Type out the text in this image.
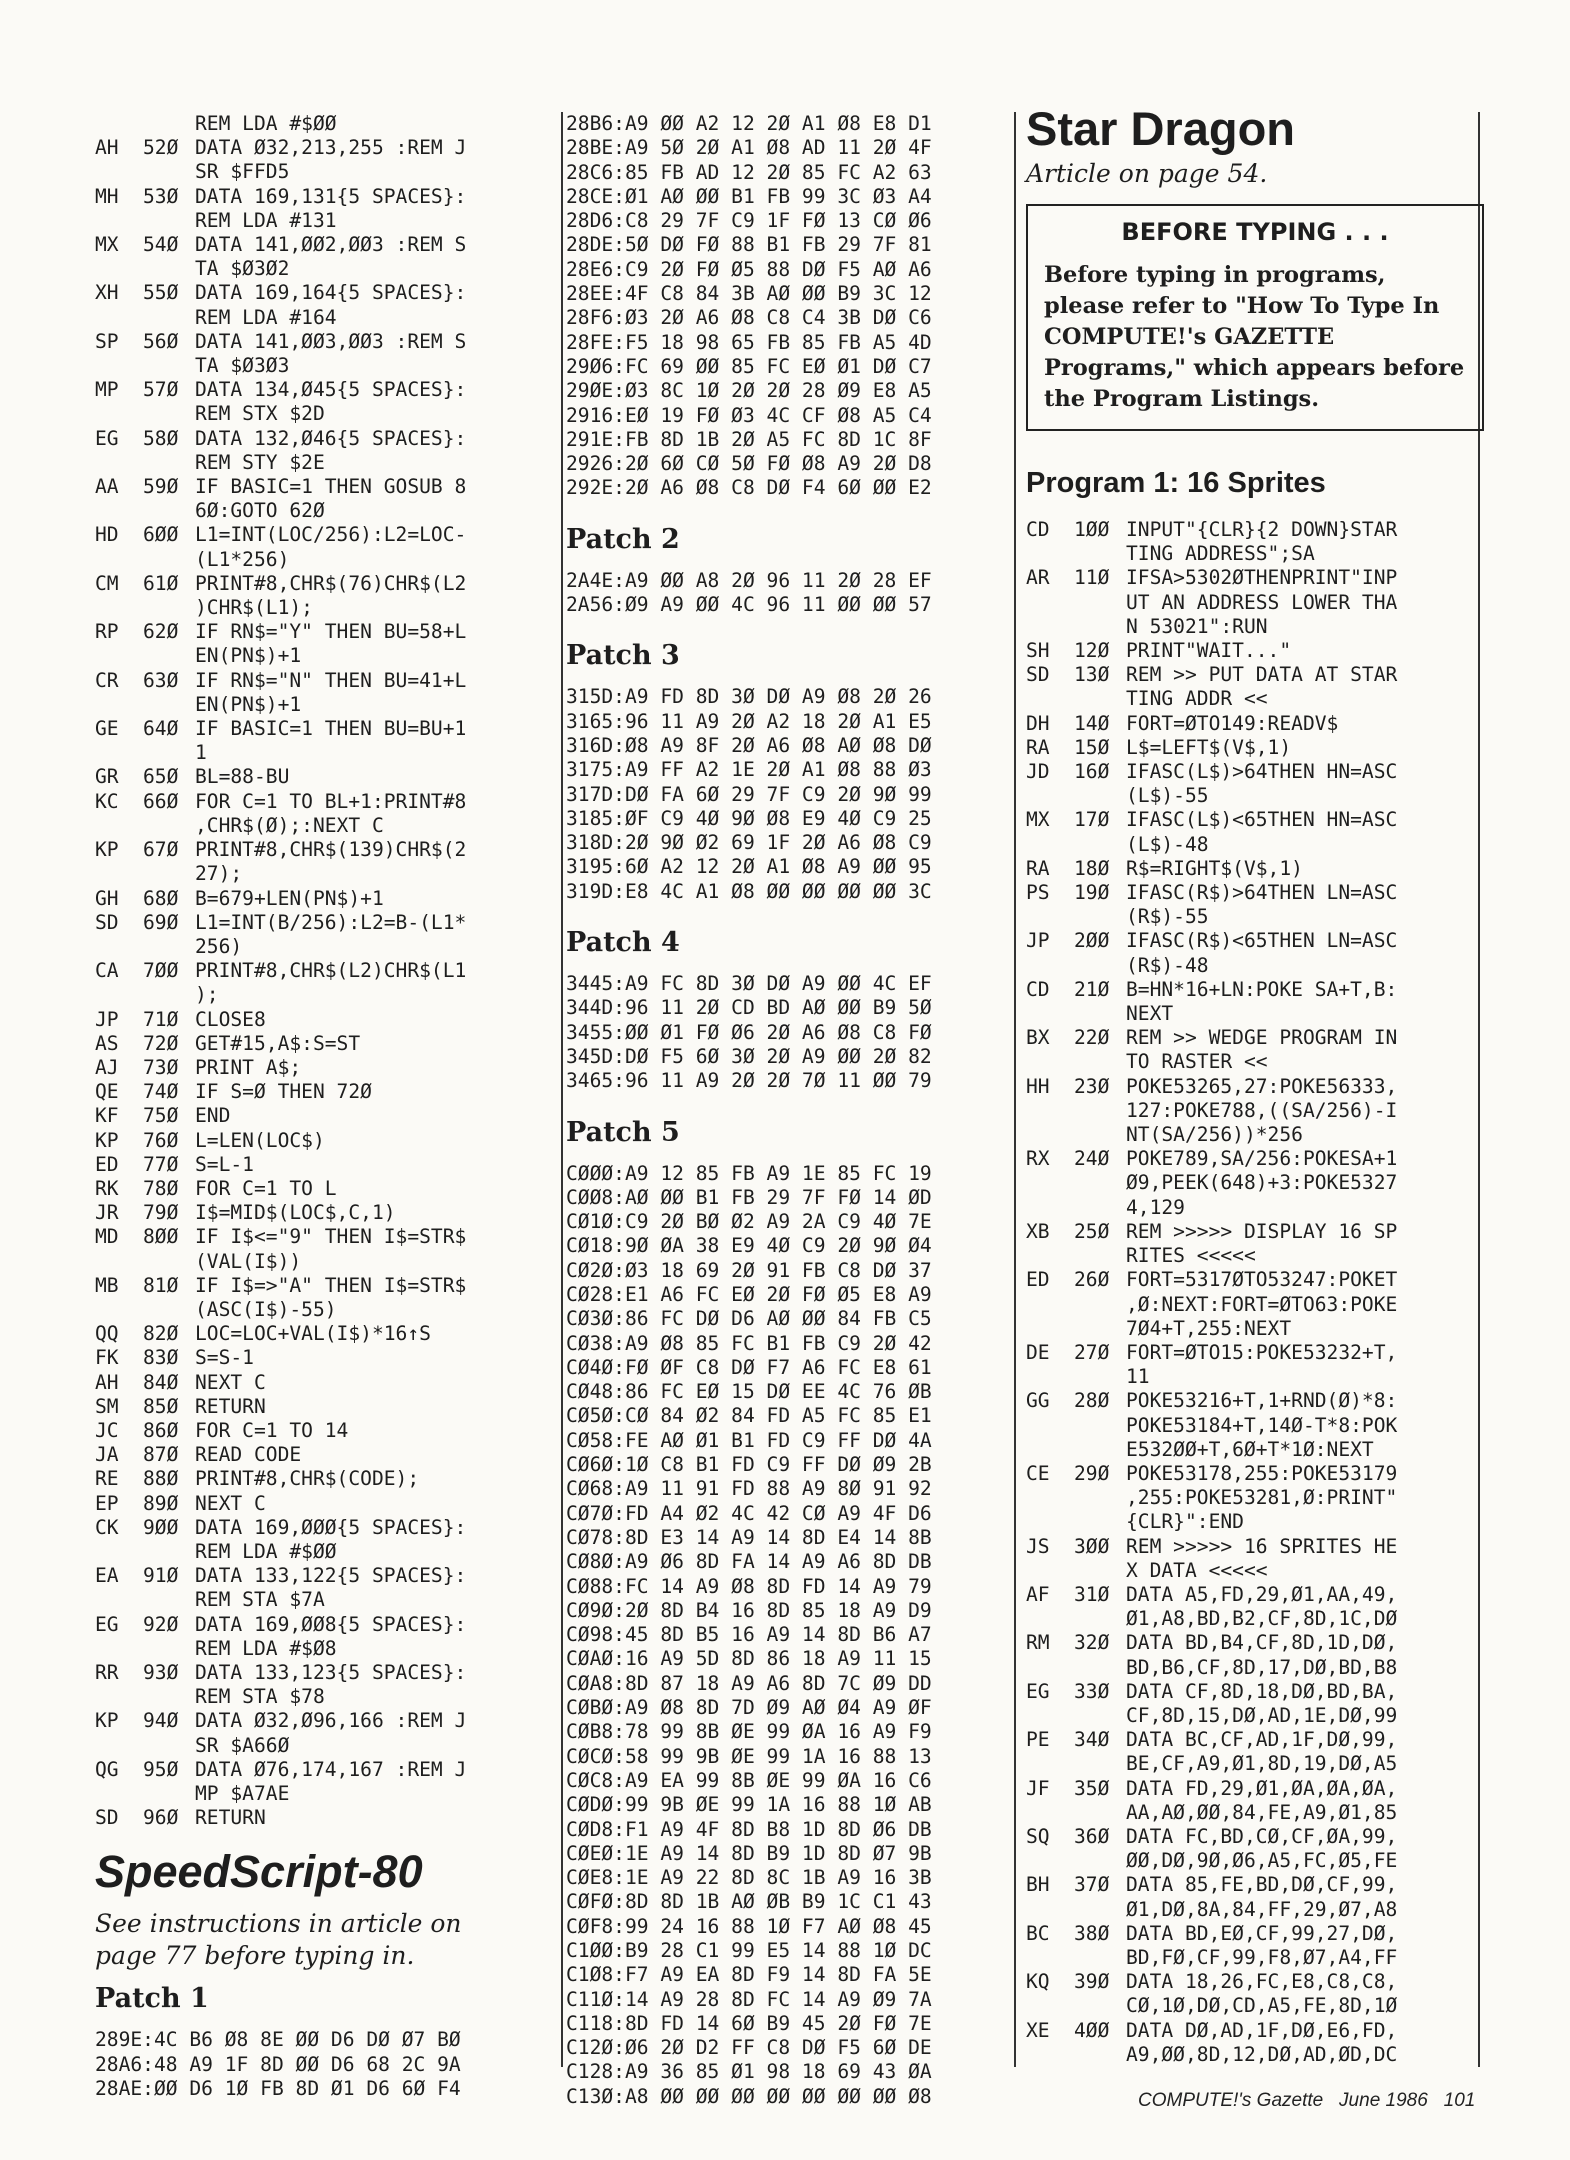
REM LDA #$ØØ
AH	52Ø DATA Ø32,213,255 :REM J
SR $FFD5
MH	53Ø DATA 169,131{5 SPACES}:
REM LDA #131
MX	54Ø DATA 141,ØØ2,ØØ3 :REM S
TA $Ø3Ø2
XH	55Ø DATA 169,164{5 SPACES}:
REM LDA #164
SP	56Ø DATA 141,ØØ3,ØØ3 :REM S
TA $Ø3Ø3
MP	57Ø DATA 134,Ø45{5 SPACES}:
REM STX $2D
EG	58Ø DATA 132,Ø46{5 SPACES}:
REM STY $2E
AA	59Ø IF BASIC=1 THEN GOSUB 8
6Ø:GOTO 62Ø
HD	6ØØ L1=INT(LOC/256):L2=LOC-
(L1*256)
CM	61Ø PRINT#8,CHR$(76)CHR$(L2
)CHR$(L1);
RP	62Ø IF RN$="Y" THEN BU=58+L
EN(PN$)+1
CR	63Ø IF RN$="N" THEN BU=41+L
EN(PN$)+1
GE	64Ø IF BASIC=1 THEN BU=BU+1
1
GR	65Ø BL=88-BU
KC	66Ø FOR C=1 TO BL+1:PRINT#8
,CHR$(Ø);:NEXT C
KP	67Ø PRINT#8,CHR$(139)CHR$(2
27);
GH	68Ø B=679+LEN(PN$)+1
SD	69Ø L1=INT(B/256):L2=B-(L1*
256)
CA	7ØØ PRINT#8,CHR$(L2)CHR$(L1
);
JP	71Ø CLOSE8
AS	72Ø GET#15,A$:S=ST
AJ	73Ø PRINT A$;
QE	74Ø IF S=Ø THEN 72Ø
KF	75Ø END
KP	76Ø L=LEN(LOC$)
ED	77Ø S=L-1
RK	78Ø FOR C=1 TO L
JR	79Ø I$=MID$(LOC$,C,1)
MD	8ØØ IF I$<="9" THEN I$=STR$
(VAL(I$))
MB	81Ø IF I$=>"A" THEN I$=STR$
(ASC(I$)-55)
QQ	82Ø LOC=LOC+VAL(I$)*16↑S
FK	83Ø S=S-1
AH	84Ø NEXT C
SM	85Ø RETURN
JC	86Ø FOR C=1 TO 14
JA	87Ø READ CODE
RE	88Ø PRINT#8,CHR$(CODE);
EP	89Ø NEXT C
CK	9ØØ DATA 169,ØØØ{5 SPACES}:
REM LDA #$ØØ
EA	91Ø DATA 133,122{5 SPACES}:
REM STA $7A
EG	92Ø DATA 169,ØØ8{5 SPACES}:
REM LDA #$Ø8
RR	93Ø DATA 133,123{5 SPACES}:
REM STA $78
KP	94Ø DATA Ø32,Ø96,166 :REM J
SR $A66Ø
QG	95Ø DATA Ø76,174,167 :REM J
MP $A7AE
SD	96Ø RETURN
SpeedScript-80

See instructions in article on page 77 before typing in.

Patch 1
289E:4C B6 Ø8 8E ØØ D6 DØ Ø7 BØ
28A6:48 A9 1F 8D ØØ D6 68 2C 9A
28AE:ØØ D6 1Ø FB 8D Ø1 D6 6Ø F4
28B6:A9 ØØ A2 12 2Ø A1 Ø8 E8 D1
28BE:A9 5Ø 2Ø A1 Ø8 AD 11 2Ø 4F
28C6:85 FB AD 12 2Ø 85 FC A2 63
28CE:Ø1 AØ ØØ B1 FB 99 3C Ø3 A4
28D6:C8 29 7F C9 1F FØ 13 CØ Ø6
28DE:5Ø DØ FØ 88 B1 FB 29 7F 81
28E6:C9 2Ø FØ Ø5 88 DØ F5 AØ A6
28EE:4F C8 84 3B AØ ØØ B9 3C 12
28F6:Ø3 2Ø A6 Ø8 C8 C4 3B DØ C6
28FE:F5 18 98 65 FB 85 FB A5 4D
29Ø6:FC 69 ØØ 85 FC EØ Ø1 DØ C7
29ØE:Ø3 8C 1Ø 2Ø 2Ø 28 Ø9 E8 A5
2916:EØ 19 FØ Ø3 4C CF Ø8 A5 C4
291E:FB 8D 1B 2Ø A5 FC 8D 1C 8F
2926:2Ø 6Ø CØ 5Ø FØ Ø8 A9 2Ø D8
292E:2Ø A6 Ø8 C8 DØ F4 6Ø ØØ E2
Patch 2
2A4E:A9 ØØ A8 2Ø 96 11 2Ø 28 EF
2A56:Ø9 A9 ØØ 4C 96 11 ØØ ØØ 57
Patch 3
315D:A9 FD 8D 3Ø DØ A9 Ø8 2Ø 26
3165:96 11 A9 2Ø A2 18 2Ø A1 E5
316D:Ø8 A9 8F 2Ø A6 Ø8 AØ Ø8 DØ
3175:A9 FF A2 1E 2Ø A1 Ø8 88 Ø3
317D:DØ FA 6Ø 29 7F C9 2Ø 9Ø 99
3185:ØF C9 4Ø 9Ø Ø8 E9 4Ø C9 25
318D:2Ø 9Ø Ø2 69 1F 2Ø A6 Ø8 C9
3195:6Ø A2 12 2Ø A1 Ø8 A9 ØØ 95
319D:E8 4C A1 Ø8 ØØ ØØ ØØ ØØ 3C
Patch 4
3445:A9 FC 8D 3Ø DØ A9 ØØ 4C EF
344D:96 11 2Ø CD BD AØ ØØ B9 5Ø
3455:ØØ Ø1 FØ Ø6 2Ø A6 Ø8 C8 FØ
345D:DØ F5 6Ø 3Ø 2Ø A9 ØØ 2Ø 82
3465:96 11 A9 2Ø 2Ø 7Ø 11 ØØ 79
Patch 5
CØØØ:A9 12 85 FB A9 1E 85 FC 19
CØØ8:AØ ØØ B1 FB 29 7F FØ 14 ØD
CØ1Ø:C9 2Ø BØ Ø2 A9 2A C9 4Ø 7E
CØ18:9Ø ØA 38 E9 4Ø C9 2Ø 9Ø Ø4
CØ2Ø:Ø3 18 69 2Ø 91 FB C8 DØ 37
CØ28:E1 A6 FC EØ 2Ø FØ Ø5 E8 A9
CØ3Ø:86 FC DØ D6 AØ ØØ 84 FB C5
CØ38:A9 Ø8 85 FC B1 FB C9 2Ø 42
CØ4Ø:FØ ØF C8 DØ F7 A6 FC E8 61
CØ48:86 FC EØ 15 DØ EE 4C 76 ØB
CØ5Ø:CØ 84 Ø2 84 FD A5 FC 85 E1
CØ58:FE AØ Ø1 B1 FD C9 FF DØ 4A
CØ6Ø:1Ø C8 B1 FD C9 FF DØ Ø9 2B
CØ68:A9 11 91 FD 88 A9 8Ø 91 92
CØ7Ø:FD A4 Ø2 4C 42 CØ A9 4F D6
CØ78:8D E3 14 A9 14 8D E4 14 8B
CØ8Ø:A9 Ø6 8D FA 14 A9 A6 8D DB
CØ88:FC 14 A9 Ø8 8D FD 14 A9 79
CØ9Ø:2Ø 8D B4 16 8D 85 18 A9 D9
CØ98:45 8D B5 16 A9 14 8D B6 A7
CØAØ:16 A9 5D 8D 86 18 A9 11 15
CØA8:8D 87 18 A9 A6 8D 7C Ø9 DD
CØBØ:A9 Ø8 8D 7D Ø9 AØ Ø4 A9 ØF
CØB8:78 99 8B ØE 99 ØA 16 A9 F9
CØCØ:58 99 9B ØE 99 1A 16 88 13
CØC8:A9 EA 99 8B ØE 99 ØA 16 C6
CØDØ:99 9B ØE 99 1A 16 88 1Ø AB
CØD8:F1 A9 4F 8D B8 1D 8D Ø6 DB
CØEØ:1E A9 14 8D B9 1D 8D Ø7 9B
CØE8:1E A9 22 8D 8C 1B A9 16 3B
CØFØ:8D 8D 1B AØ ØB B9 1C C1 43
CØF8:99 24 16 88 1Ø F7 AØ Ø8 45
C1ØØ:B9 28 C1 99 E5 14 88 1Ø DC
C1Ø8:F7 A9 EA 8D F9 14 8D FA 5E
C11Ø:14 A9 28 8D FC 14 A9 Ø9 7A
C118:8D FD 14 6Ø B9 45 2Ø FØ 7E
C12Ø:Ø6 2Ø D2 FF C8 DØ F5 6Ø DE
C128:A9 36 85 Ø1 98 18 69 43 ØA
C13Ø:A8 ØØ ØØ ØØ ØØ ØØ ØØ ØØ Ø8
Star Dragon

Article on page 54.

BEFORE TYPING . . .

Before typing in programs, please refer to "How To Type In COMPUTE!'s GAZETTE Programs," which appears before the Program Listings.

Program 1: 16 Sprites
CD	1ØØ INPUT"{CLR}{2 DOWN}STAR
TING ADDRESS";SA
AR	11Ø IFSA>5302ØTHENPRINT"INP
UT AN ADDRESS LOWER THA
N 53021":RUN
SH	12Ø PRINT"WAIT..."
SD	13Ø REM >> PUT DATA AT STAR
TING ADDR <<
DH	14Ø FORT=ØTO149:READV$
RA	15Ø L$=LEFT$(V$,1)
JD	16Ø IFASC(L$)>64THEN HN=ASC
(L$)-55
MX	17Ø IFASC(L$)<65THEN HN=ASC
(L$)-48
RA	18Ø R$=RIGHT$(V$,1)
PS	19Ø IFASC(R$)>64THEN LN=ASC
(R$)-55
JP	2ØØ IFASC(R$)<65THEN LN=ASC
(R$)-48
CD	21Ø B=HN*16+LN:POKE SA+T,B:
NEXT
BX	22Ø REM >> WEDGE PROGRAM IN
TO RASTER <<
HH	23Ø POKE53265,27:POKE56333,
127:POKE788,((SA/256)-I
NT(SA/256))*256
RX	24Ø POKE789,SA/256:POKESA+1
Ø9,PEEK(648)+3:POKE5327
4,129
XB	25Ø REM >>>>> DISPLAY 16 SP
RITES <<<<<
ED	26Ø FORT=5317ØTO53247:POKET
,Ø:NEXT:FORT=ØTO63:POKE
7Ø4+T,255:NEXT
DE	27Ø FORT=ØTO15:POKE53232+T,
11
GG	28Ø POKE53216+T,1+RND(Ø)*8:
POKE53184+T,14Ø-T*8:POK
E532ØØ+T,6Ø+T*1Ø:NEXT
CE	29Ø POKE53178,255:POKE53179
,255:POKE53281,Ø:PRINT"
{CLR}":END
JS	3ØØ REM >>>>> 16 SPRITES HE
X DATA <<<<<
AF	31Ø DATA A5,FD,29,Ø1,AA,49,
Ø1,A8,BD,B2,CF,8D,1C,DØ
RM	32Ø DATA BD,B4,CF,8D,1D,DØ,
BD,B6,CF,8D,17,DØ,BD,B8
EG	33Ø DATA CF,8D,18,DØ,BD,BA,
CF,8D,15,DØ,AD,1E,DØ,99
PE	34Ø DATA BC,CF,AD,1F,DØ,99,
BE,CF,A9,Ø1,8D,19,DØ,A5
JF	35Ø DATA FD,29,Ø1,ØA,ØA,ØA,
AA,AØ,ØØ,84,FE,A9,Ø1,85
SQ	36Ø DATA FC,BD,CØ,CF,ØA,99,
ØØ,DØ,9Ø,Ø6,A5,FC,Ø5,FE
BH	37Ø DATA 85,FE,BD,DØ,CF,99,
Ø1,DØ,8A,84,FF,29,Ø7,A8
BC	38Ø DATA BD,EØ,CF,99,27,DØ,
BD,FØ,CF,99,F8,Ø7,A4,FF
KQ	39Ø DATA 18,26,FC,E8,C8,C8,
CØ,1Ø,DØ,CD,A5,FE,8D,1Ø
XE	4ØØ DATA DØ,AD,1F,DØ,E6,FD,
A9,ØØ,8D,12,DØ,AD,ØD,DC
COMPUTE!'s Gazette   June 1986   101
